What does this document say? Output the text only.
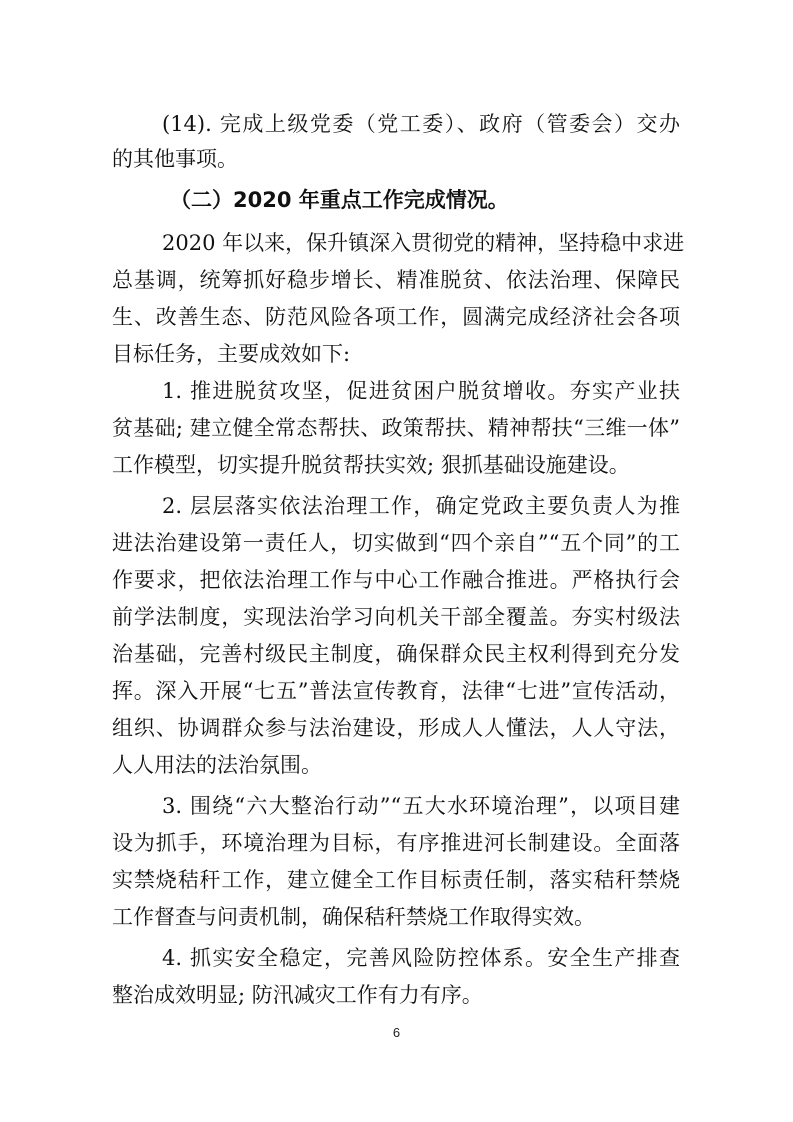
(14). 完成上级党委（党工委）、政府（管委会）交办
的其他事项。
（二）2020 年重点工作完成情况。
2020 年以来，保升镇深入贯彻党的精神，坚持稳中求进
总基调，统筹抓好稳步增长、精准脱贫、依法治理、保障民
生、改善生态、防范风险各项工作，圆满完成经济社会各项
目标任务，主要成效如下:
1. 推进脱贫攻坚，促进贫困户脱贫增收。夯实产业扶
贫基础; 建立健全常态帮扶、政策帮扶、精神帮扶“三维一体”
工作模型，切实提升脱贫帮扶实效; 狠抓基础设施建设。
2. 层层落实依法治理工作，确定党政主要负责人为推
进法治建设第一责任人，切实做到“四个亲自”“五个同”的工
作要求，把依法治理工作与中心工作融合推进。严格执行会
前学法制度，实现法治学习向机关干部全覆盖。夯实村级法
治基础，完善村级民主制度，确保群众民主权利得到充分发
挥。深入开展“七五”普法宣传教育，法律“七进”宣传活动，
组织、协调群众参与法治建设，形成人人懂法，人人守法，
人人用法的法治氛围。
3. 围绕“六大整治行动”“五大水环境治理”，以项目建
设为抓手，环境治理为目标，有序推进河长制建设。全面落
实禁烧秸秆工作，建立健全工作目标责任制，落实秸秆禁烧
工作督查与问责机制，确保秸秆禁烧工作取得实效。
4. 抓实安全稳定，完善风险防控体系。安全生产排查
整治成效明显; 防汛减灾工作有力有序。
6
